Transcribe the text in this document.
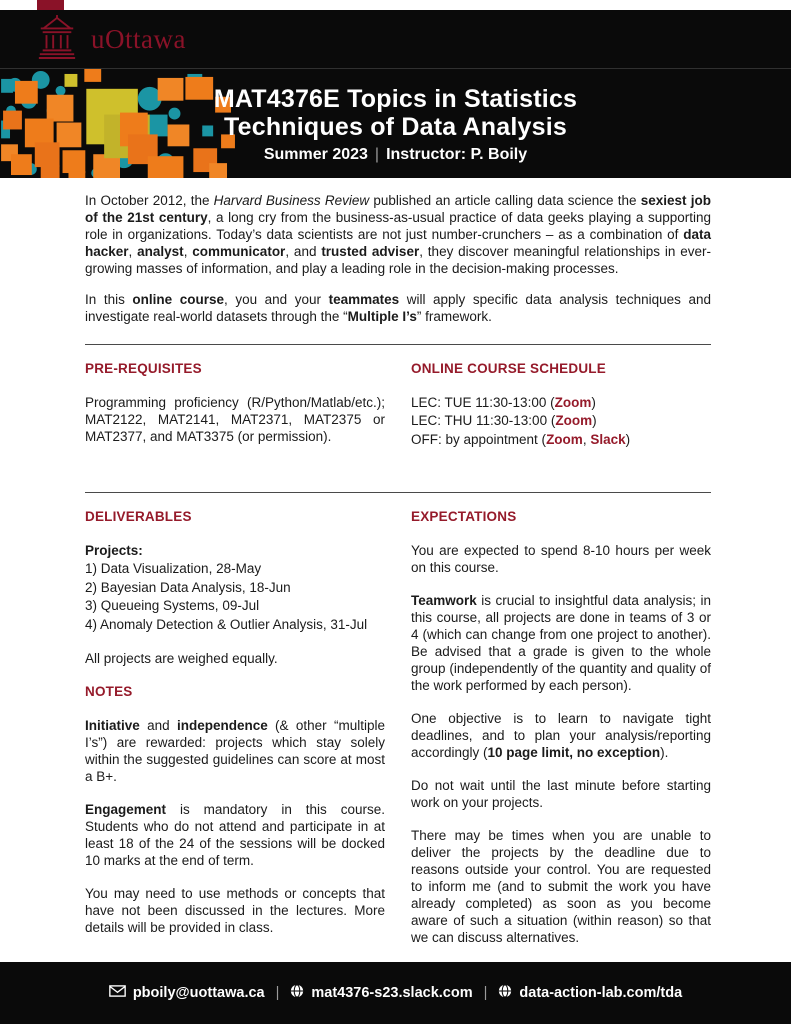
uOttawa
MAT4376E Topics in Statistics
Techniques of Data Analysis
Summer 2023 | Instructor: P. Boily

In October 2012, the Harvard Business Review published an article calling data science the sexiest job of the 21st century, a long cry from the business-as-usual practice of data geeks playing a supporting role in organizations. Today’s data scientists are not just number-crunchers – as a combination of data hacker, analyst, communicator, and trusted adviser, they discover meaningful relationships in ever-growing masses of information, and play a leading role in the decision-making processes.

In this online course, you and your teammates will apply specific data analysis techniques and investigate real-world datasets through the “Multiple I’s” framework.

PRE-REQUISITES

Programming proficiency (R/Python/Matlab/etc.); MAT2122, MAT2141, MAT2371, MAT2375 or MAT2377, and MAT3375 (or permission).

ONLINE COURSE SCHEDULE
LEC: TUE 11:30-13:00 (Zoom)
LEC: THU 11:30-13:00 (Zoom)
OFF: by appointment (Zoom, Slack)
DELIVERABLES
Projects:
1) Data Visualization, 28-May
2) Bayesian Data Analysis, 18-Jun
3) Queueing Systems, 09-Jul
4) Anomaly Detection & Outlier Analysis, 31-Jul

All projects are weighed equally.

NOTES
Initiative and independence (& other “multiple I’s”) are rewarded: projects which stay solely within the suggested guidelines can score at most a B+.
Engagement is mandatory in this course. Students who do not attend and participate in at least 18 of the 24 of the sessions will be docked 10 marks at the end of term.
You may need to use methods or concepts that have not been discussed in the lectures. More details will be provided in class.
EXPECTATIONS
You are expected to spend 8-10 hours per week on this course.
Teamwork is crucial to insightful data analysis; in this course, all projects are done in teams of 3 or 4 (which can change from one project to another). Be advised that a grade is given to the whole group (independently of the quantity and quality of the work performed by each person).
One objective is to learn to navigate tight deadlines, and to plan your analysis/reporting accordingly (10 page limit, no exception).
Do not wait until the last minute before starting work on your projects.
There may be times when you are unable to deliver the projects by the deadline due to reasons outside your control. You are requested to inform me (and to submit the work you have already completed) as soon as you become aware of such a situation (within reason) so that we can discuss alternatives.
pboily@uottawa.ca | mat4376-s23.slack.com | data-action-lab.com/tda
